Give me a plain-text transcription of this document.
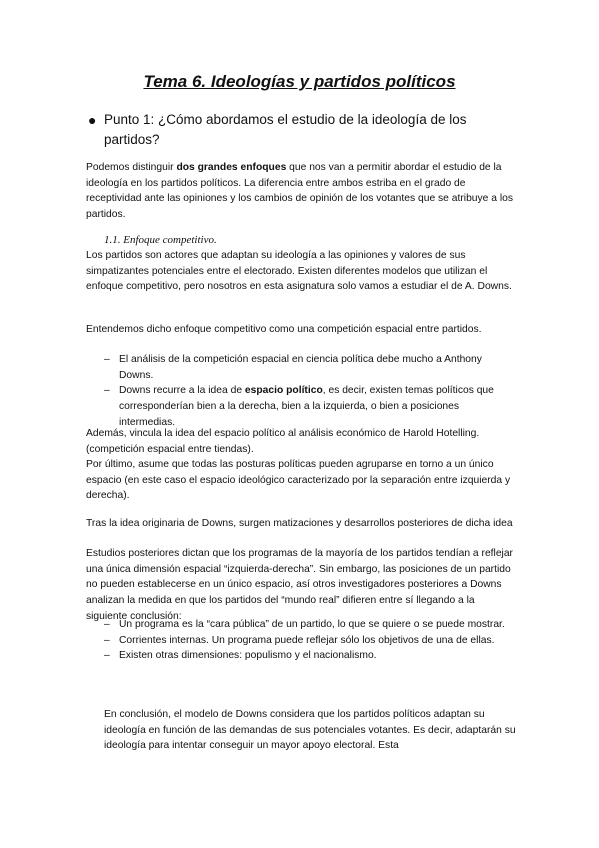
Tema 6. Ideologías y partidos políticos

● Punto 1: ¿Cómo abordamos el estudio de la ideología de los partidos?

Podemos distinguir dos grandes enfoques que nos van a permitir abordar el estudio de la ideología en los partidos políticos. La diferencia entre ambos estriba en el grado de receptividad ante las opiniones y los cambios de opinión de los votantes que se atribuye a los partidos.

1.1. Enfoque competitivo.

Los partidos son actores que adaptan su ideología a las opiniones y valores de sus simpatizantes potenciales entre el electorado. Existen diferentes modelos que utilizan el enfoque competitivo, pero nosotros en esta asignatura solo vamos a estudiar el de A. Downs.

Entendemos dicho enfoque competitivo como una competición espacial entre partidos.

– El análisis de la competición espacial en ciencia política debe mucho a Anthony Downs.
– Downs recurre a la idea de espacio político, es decir, existen temas políticos que corresponderían bien a la derecha, bien a la izquierda, o bien a posiciones intermedias.

Además, vincula la idea del espacio político al análisis económico de Harold Hotelling. (competición espacial entre tiendas).

Por último, asume que todas las posturas políticas pueden agruparse en torno a un único espacio (en este caso el espacio ideológico caracterizado por la separación entre izquierda y derecha).

Tras la idea originaria de Downs, surgen matizaciones y desarrollos posteriores de dicha idea

Estudios posteriores dictan que los programas de la mayoría de los partidos tendían a reflejar una única dimensión espacial “izquierda-derecha”. Sin embargo, las posiciones de un partido no pueden establecerse en un único espacio, así otros investigadores posteriores a Downs analizan la medida en que los partidos del “mundo real” difieren entre sí llegando a la siguiente conclusión:

– Un programa es la “cara pública” de un partido, lo que se quiere o se puede mostrar.
– Corrientes internas. Un programa puede reflejar sólo los objetivos de una de ellas.
– Existen otras dimensiones: populismo y el nacionalismo.

En conclusión, el modelo de Downs considera que los partidos políticos adaptan su ideología en función de las demandas de sus potenciales votantes. Es decir, adaptarán su ideología para intentar conseguir un mayor apoyo electoral. Esta
